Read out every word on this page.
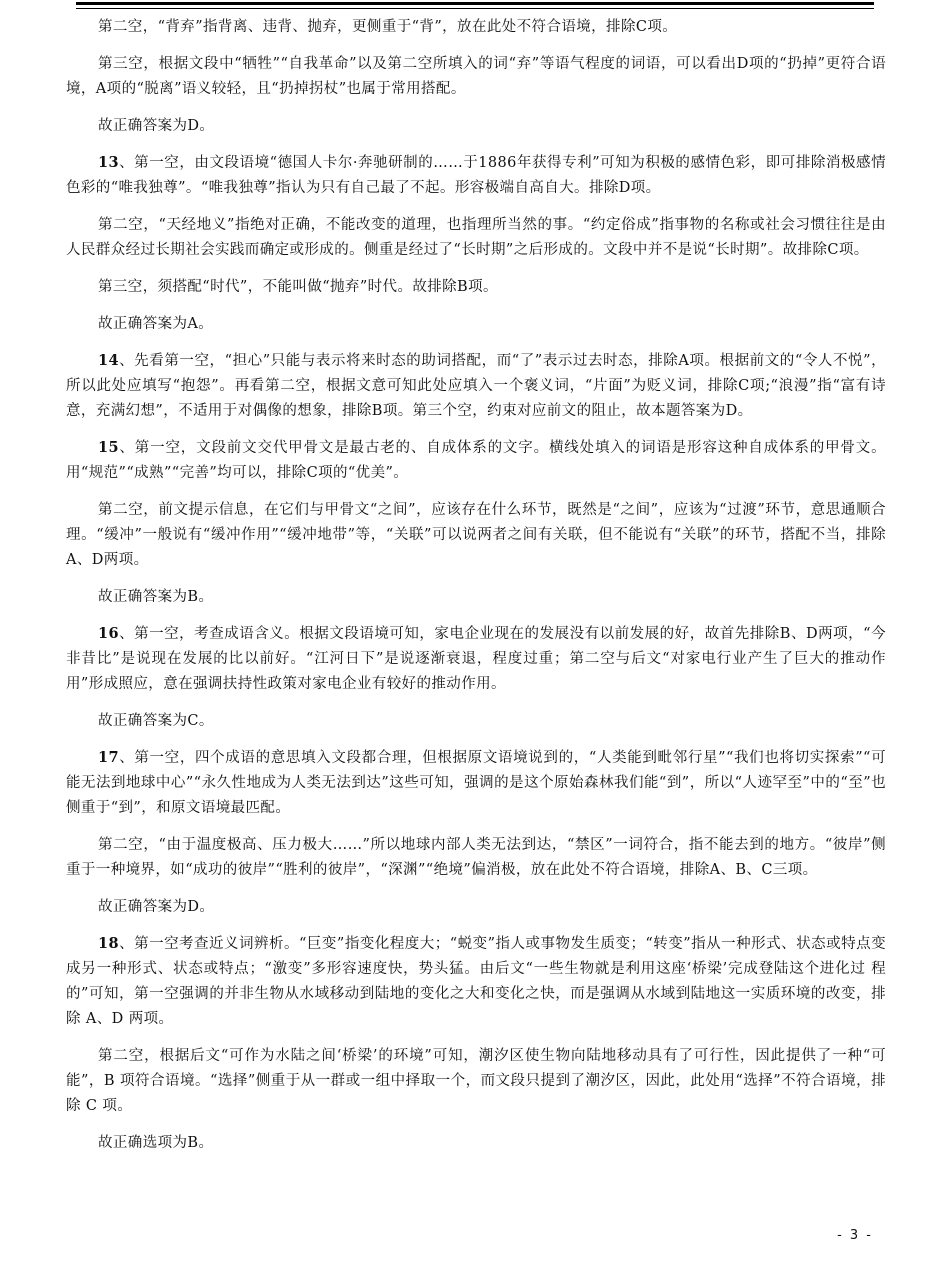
第二空，“背弃”指背离、违背、抛弃，更侧重于“背”，放在此处不符合语境，排除C项。

第三空，根据文段中“牺牲”“自我革命”以及第二空所填入的词“弃”等语气程度的词语，可以看出D项的“扔掉”更符合语境，A项的“脱离”语义较轻，且“扔掉拐杖”也属于常用搭配。

故正确答案为D。

13、第一空，由文段语境“德国人卡尔·奔驰研制的……于1886年获得专利”可知为积极的感情色彩，即可排除消极感情色彩的“唯我独尊”。“唯我独尊”指认为只有自己最了不起。形容极端自高自大。排除D项。

第二空，“天经地义”指绝对正确，不能改变的道理，也指理所当然的事。“约定俗成”指事物的名称或社会习惯往往是由人民群众经过长期社会实践而确定或形成的。侧重是经过了“长时期”之后形成的。文段中并不是说“长时期”。故排除C项。

第三空，须搭配“时代”，不能叫做“抛弃”时代。故排除B项。

故正确答案为A。

14、先看第一空，“担心”只能与表示将来时态的助词搭配，而“了”表示过去时态，排除A项。根据前文的“令人不悦”，所以此处应填写“抱怨”。再看第二空，根据文意可知此处应填入一个褒义词，“片面”为贬义词，排除C项;“浪漫”指“富有诗意，充满幻想”，不适用于对偶像的想象，排除B项。第三个空，约束对应前文的阻止，故本题答案为D。

15、第一空，文段前文交代甲骨文是最古老的、自成体系的文字。横线处填入的词语是形容这种自成体系的甲骨文。用“规范”“成熟”“完善”均可以，排除C项的“优美”。

第二空，前文提示信息，在它们与甲骨文“之间”，应该存在什么环节，既然是“之间”，应该为“过渡”环节，意思通顺合理。“缓冲”一般说有“缓冲作用”“缓冲地带”等，“关联”可以说两者之间有关联，但不能说有“关联”的环节，搭配不当，排除A、D两项。

故正确答案为B。

16、第一空，考查成语含义。根据文段语境可知，家电企业现在的发展没有以前发展的好，故首先排除B、D两项，“今非昔比”是说现在发展的比以前好。“江河日下”是说逐渐衰退，程度过重；第二空与后文“对家电行业产生了巨大的推动作用”形成照应，意在强调扶持性政策对家电企业有较好的推动作用。

故正确答案为C。

17、第一空，四个成语的意思填入文段都合理，但根据原文语境说到的，“人类能到毗邻行星”“我们也将切实探索”“可能无法到地球中心”“永久性地成为人类无法到达”这些可知，强调的是这个原始森林我们能“到”，所以“人迹罕至”中的“至”也侧重于“到”，和原文语境最匹配。

第二空，“由于温度极高、压力极大……”所以地球内部人类无法到达，“禁区”一词符合，指不能去到的地方。“彼岸”侧重于一种境界，如“成功的彼岸”“胜利的彼岸”，“深渊”“绝境”偏消极，放在此处不符合语境，排除A、B、C三项。

故正确答案为D。

18、第一空考查近义词辨析。“巨变”指变化程度大；“蜕变”指人或事物发生质变；“转变”指从一种形式、状态或特点变成另一种形式、状态或特点；“激变”多形容速度快，势头猛。由后文“一些生物就是利用这座‘桥梁’完成登陆这个进化过 程的”可知，第一空强调的并非生物从水域移动到陆地的变化之大和变化之快，而是强调从水域到陆地这一实质环境的改变，排除 A、D 两项。

第二空，根据后文“可作为水陆之间‘桥梁’的环境”可知，潮汐区使生物向陆地移动具有了可行性，因此提供了一种“可能”，B 项符合语境。“选择”侧重于从一群或一组中择取一个，而文段只提到了潮汐区，因此，此处用“选择”不符合语境，排除 C 项。

故正确选项为B。

- 3 -
